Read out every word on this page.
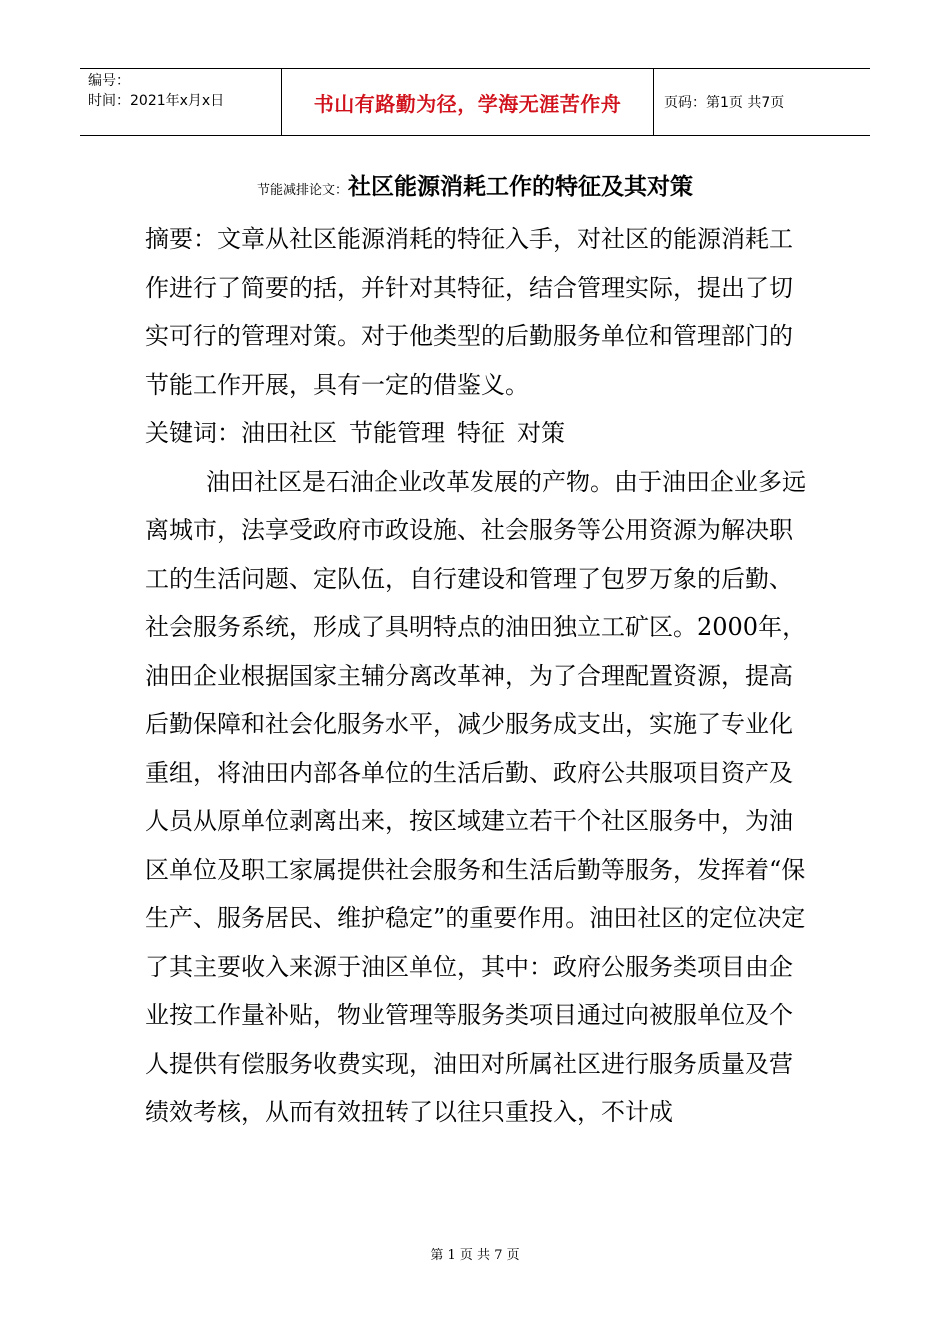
编号：
时间：2021年x月x日	书山有路勤为径，学海无涯苦作舟	页码：第1页 共7页
节能减排论文：社区能源消耗工作的特征及其对策

摘要：文章从社区能源消耗的特征入手，对社区的能源消耗工作进行了简要的括，并针对其特征，结合管理实际，提出了切实可行的管理对策。对于他类型的后勤服务单位和管理部门的节能工作开展，具有一定的借鉴义。

关键词：油田社区 节能管理 特征 对策

油田社区是石油企业改革发展的产物。由于油田企业多远离城市，法享受政府市政设施、社会服务等公用资源为解决职工的生活问题、定队伍，自行建设和管理了包罗万象的后勤、社会服务系统，形成了具明特点的油田独立工矿区。2000年，油田企业根据国家主辅分离改革神，为了合理配置资源，提高后勤保障和社会化服务水平，减少服务成支出，实施了专业化重组，将油田内部各单位的生活后勤、政府公共服项目资产及人员从原单位剥离出来，按区域建立若干个社区服务中，为油区单位及职工家属提供社会服务和生活后勤等服务，发挥着“保生产、服务居民、维护稳定”的重要作用。油田社区的定位决定了其主要收入来源于油区单位，其中：政府公服务类项目由企业按工作量补贴，物业管理等服务类项目通过向被服单位及个人提供有偿服务收费实现，油田对所属社区进行服务质量及营绩效考核，从而有效扭转了以往只重投入，不计成

第 1 页 共 7 页
